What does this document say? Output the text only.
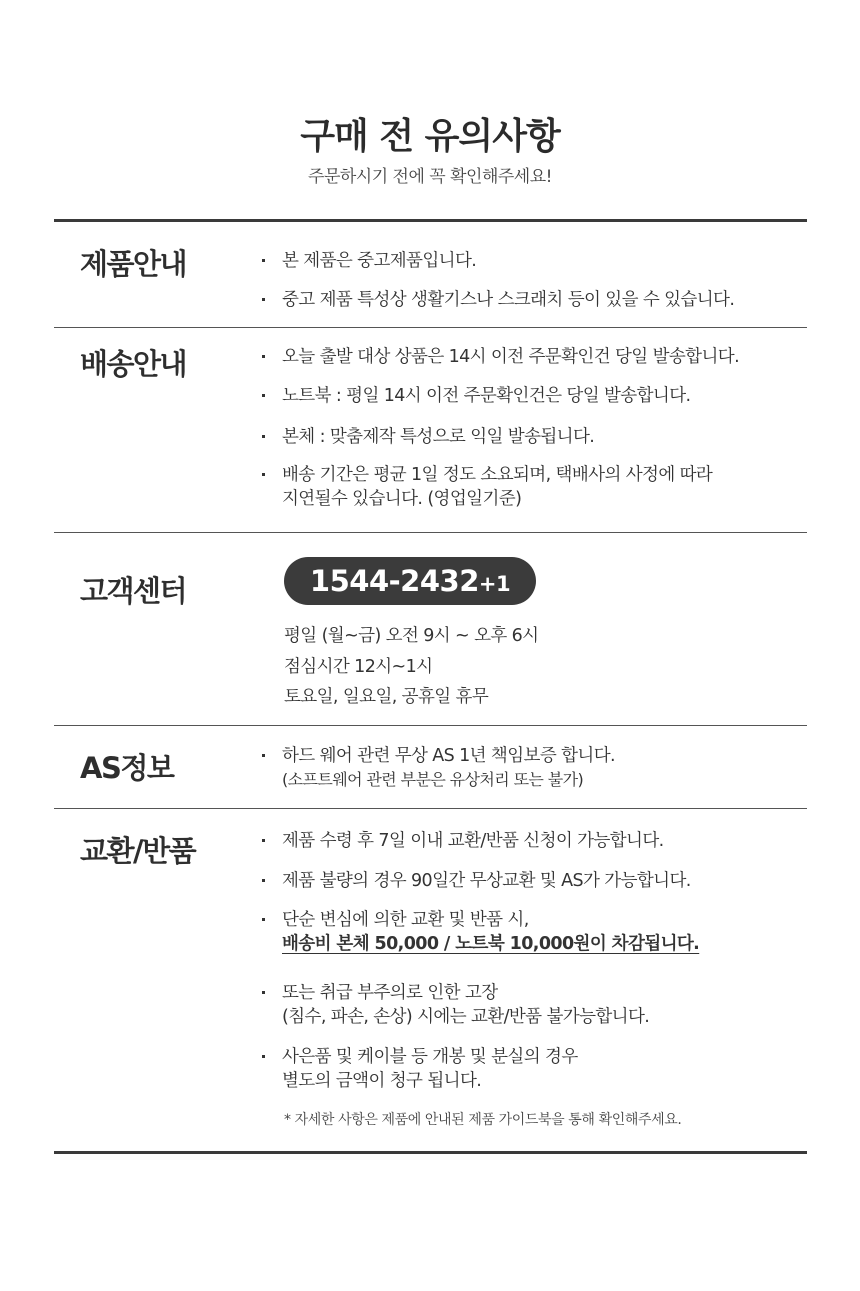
구매 전 유의사항
주문하시기 전에 꼭 확인해주세요!
제품안내	본 제품은 중고제품입니다.
중고 제품 특성상 생활기스나 스크래치 등이 있을 수 있습니다.
배송안내	오늘 출발 대상 상품은 14시 이전 주문확인건 당일 발송합니다.
노트북 : 평일 14시 이전 주문확인건은 당일 발송합니다.
본체 : 맞춤제작 특성으로 익일 발송됩니다.
배송 기간은 평균 1일 정도 소요되며, 택배사의 사정에 따라
지연될수 있습니다. (영업일기준)
고객센터	1544-2432+1
평일 (월~금) 오전 9시 ~ 오후 6시
점심시간 12시~1시
토요일, 일요일, 공휴일 휴무
AS정보	하드 웨어 관련 무상 AS 1년 책임보증 합니다.
(소프트웨어 관련 부분은 유상처리 또는 불가)
교환/반품	제품 수령 후 7일 이내 교환/반품 신청이 가능합니다.
제품 불량의 경우 90일간 무상교환 및 AS가 가능합니다.
단순 변심에 의한 교환 및 반품 시,
배송비 본체 50,000 / 노트북 10,000원이 차감됩니다.
또는 취급 부주의로 인한 고장
(침수, 파손, 손상) 시에는 교환/반품 불가능합니다.
사은품 및 케이블 등 개봉 및 분실의 경우
별도의 금액이 청구 됩니다.
* 자세한 사항은 제품에 안내된 제품 가이드북을 통해 확인해주세요.
